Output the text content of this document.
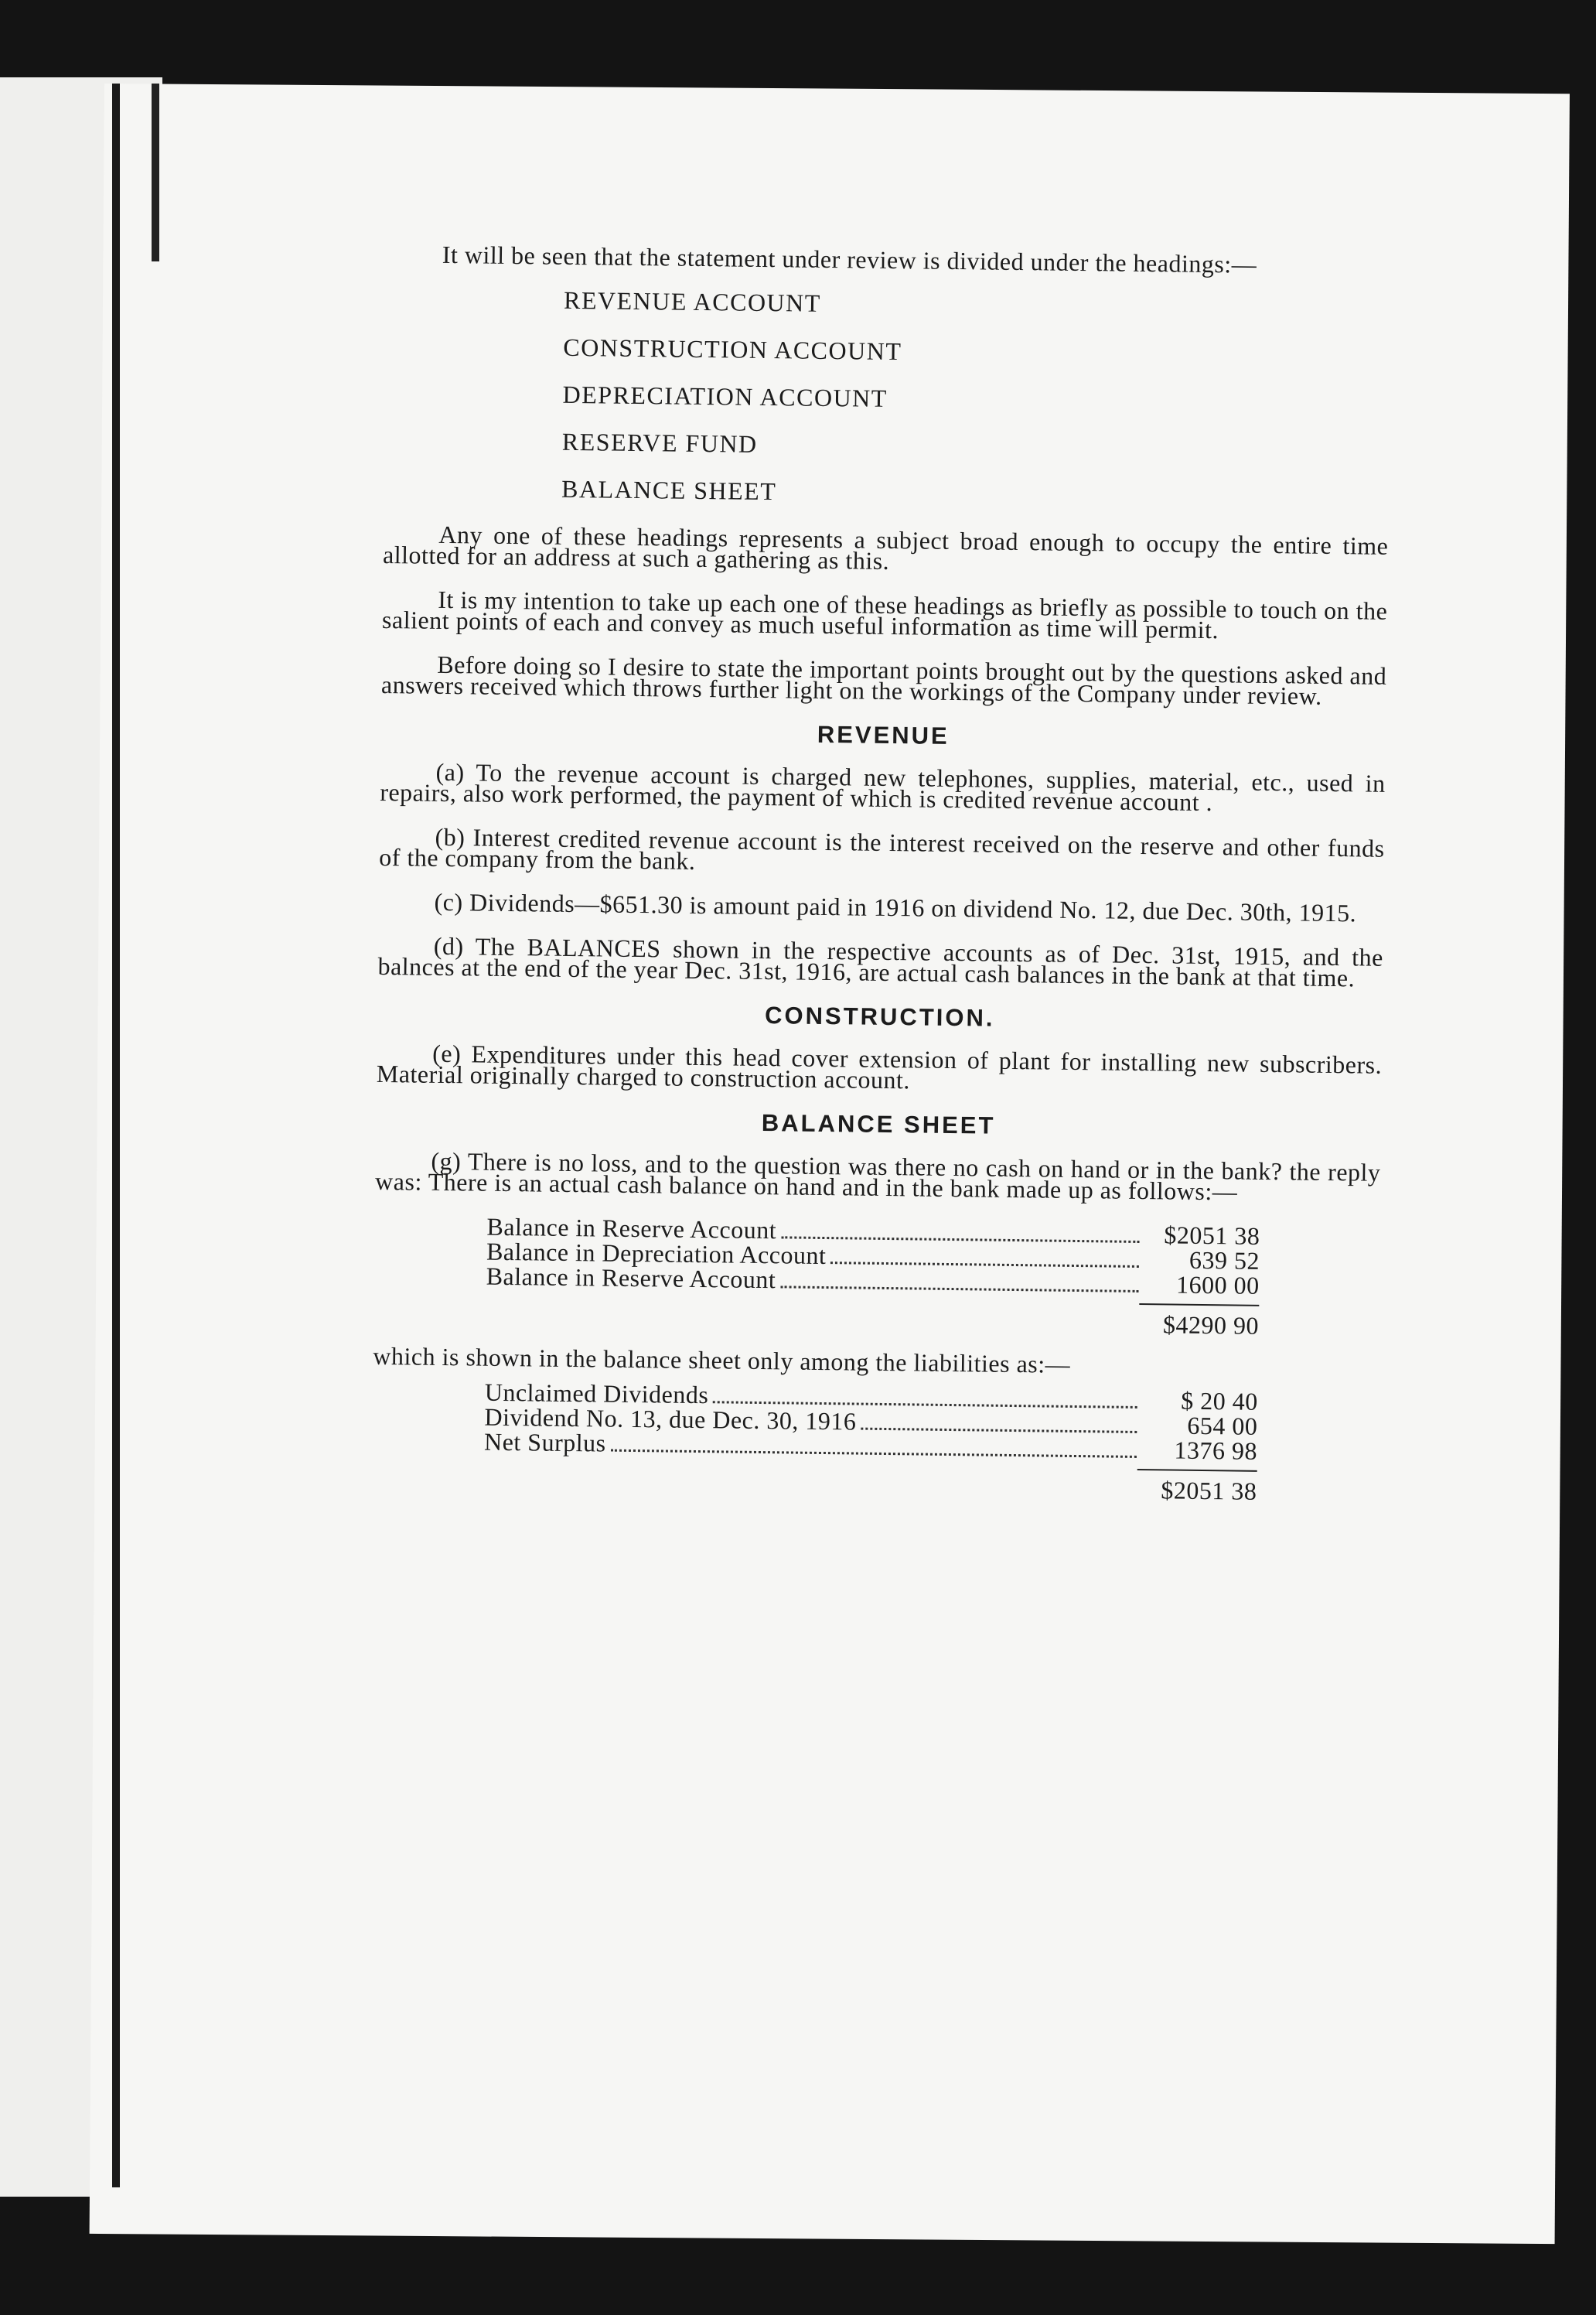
It will be seen that the statement under review is divided under the headings:—

REVENUE ACCOUNT
CONSTRUCTION ACCOUNT
DEPRECIATION ACCOUNT
RESERVE FUND
BALANCE SHEET

Any one of these headings represents a subject broad enough to occupy the entire time allotted for an address at such a gathering as this.

It is my intention to take up each one of these headings as briefly as possible to touch on the salient points of each and convey as much useful information as time will permit.

Before doing so I desire to state the important points brought out by the questions asked and answers received which throws further light on the workings of the Company under review.

REVENUE

(a) To the revenue account is charged new telephones, supplies, material, etc., used in repairs, also work performed, the payment of which is credited revenue account .

(b) Interest credited revenue account is the interest received on the reserve and other funds of the company from the bank.

(c) Dividends—$651.30 is amount paid in 1916 on dividend No. 12, due Dec. 30th, 1915.

(d) The BALANCES shown in the respective accounts as of Dec. 31st, 1915, and the balnces at the end of the year Dec. 31st, 1916, are actual cash balances in the bank at that time.

CONSTRUCTION.

(e) Expenditures under this head cover extension of plant for installing new subscribers. Material originally charged to construction account.

BALANCE SHEET

(g) There is no loss, and to the question was there no cash on hand or in the bank? the reply was: There is an actual cash balance on hand and in the bank made up as follows:—

Balance in Reserve Account	$2051 38
Balance in Depreciation Account	639 52
Balance in Reserve Account	1600 00
$4290 90

which is shown in the balance sheet only among the liabilities as:—

Unclaimed Dividends	$ 20 40
Dividend No. 13, due Dec. 30, 1916	654 00
Net Surplus	1376 98
$2051 38
